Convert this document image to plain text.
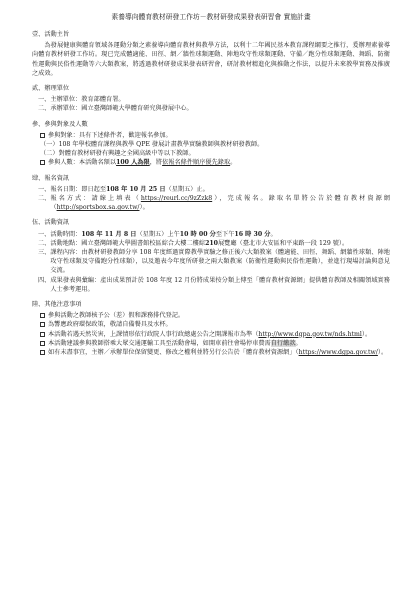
素養導向體育教材研發工作坊－教材研發成果發表研習會 實施計畫
壹、活動主旨

為發展健康與體育領域各運動分類之素養導向體育教材與教學方法，以利十二年國民基本教育課程綱要之推行，爰辦理素養導向體育教材研發工作坊。現已完成體適能、田徑、網／牆性球類運動、陣地攻守性球類運動、守備／跑分性球類運動、舞蹈、防衛性運動與民俗性運動等六大類教案，將透過教材研發成果發表研習會，研討教材精進化與推動之作法，以提升未來教學實務及推廣之成效。

貳、辦理單位
一、 主辦單位：教育部體育署。
二、 承辦單位：國立臺灣師範大學體育研究與發展中心。
參、參與對象及人數
參與對象：具有下述條件者，歡迎報名參加。
（一） 108 年學校體育課程與教學 QPE 發展計畫教學實驗教師與教材研發教師。
（二） 對體育教材研發有興趣之全國高級中等以下教師。
參與人數：本活動名額以100 人為限，將依報名條件順序優先錄取。
肆、報名資訊
一、 報名日期：即日起至108 年 10 月 25 日（星期五）止。
二、 報名方式：請線上填表（https://reurl.cc/9zZzk8），完成報名。錄取名單將公告於體育教材資源網（http://sportsbox.sa.gov.tw/）。
伍、活動資訊
一、 活動時間：108 年 11 月 8 日（星期五）上午10 時 00 分至下午16 時 30 分。
二、 活動地點：國立臺灣師範大學圖書館校區綜合大樓二樓綜210展覽廳（臺北市大安區和平東路一段 129 號）。
三、 課程內容：由教材研發教師分享 108 年度經過實際教學實驗之修正後六大類教案（體適能、田徑、舞蹈、網牆性球類、陣地攻守性球類及守備跑分性球類），以及邀表今年度所研發之兩大類教案（防衛性運動與民俗性運動），並進行現場討論與意見交流。
四、 成果發表與彙編：產出成果預計於 108 年度 12 月份將成果按分類上傳至「體育教材資源網」提供體育教師及相關領域實務人士參考運用。
陸、其他注意事項
參與活動之教師核予公（差）假和課務排代登記。
為響應政府環保政策，敬請自備餐具及水杯。
本活動若遇天然災害，上課情形依行政院人事行政總處公告之開課報市為準（http://www.dgpa.gov.tw/nds.html）。
本活動建議參與教師搭乘大眾交通運輸工具至活動會場，如開車前往會場停車費需自行繳款。
如有未盡事宜，主辦／承辦單位保留變更、修改之權利並將另行公告於「體育教材資源網」（https://www.dgpa.gov.tw/）。
